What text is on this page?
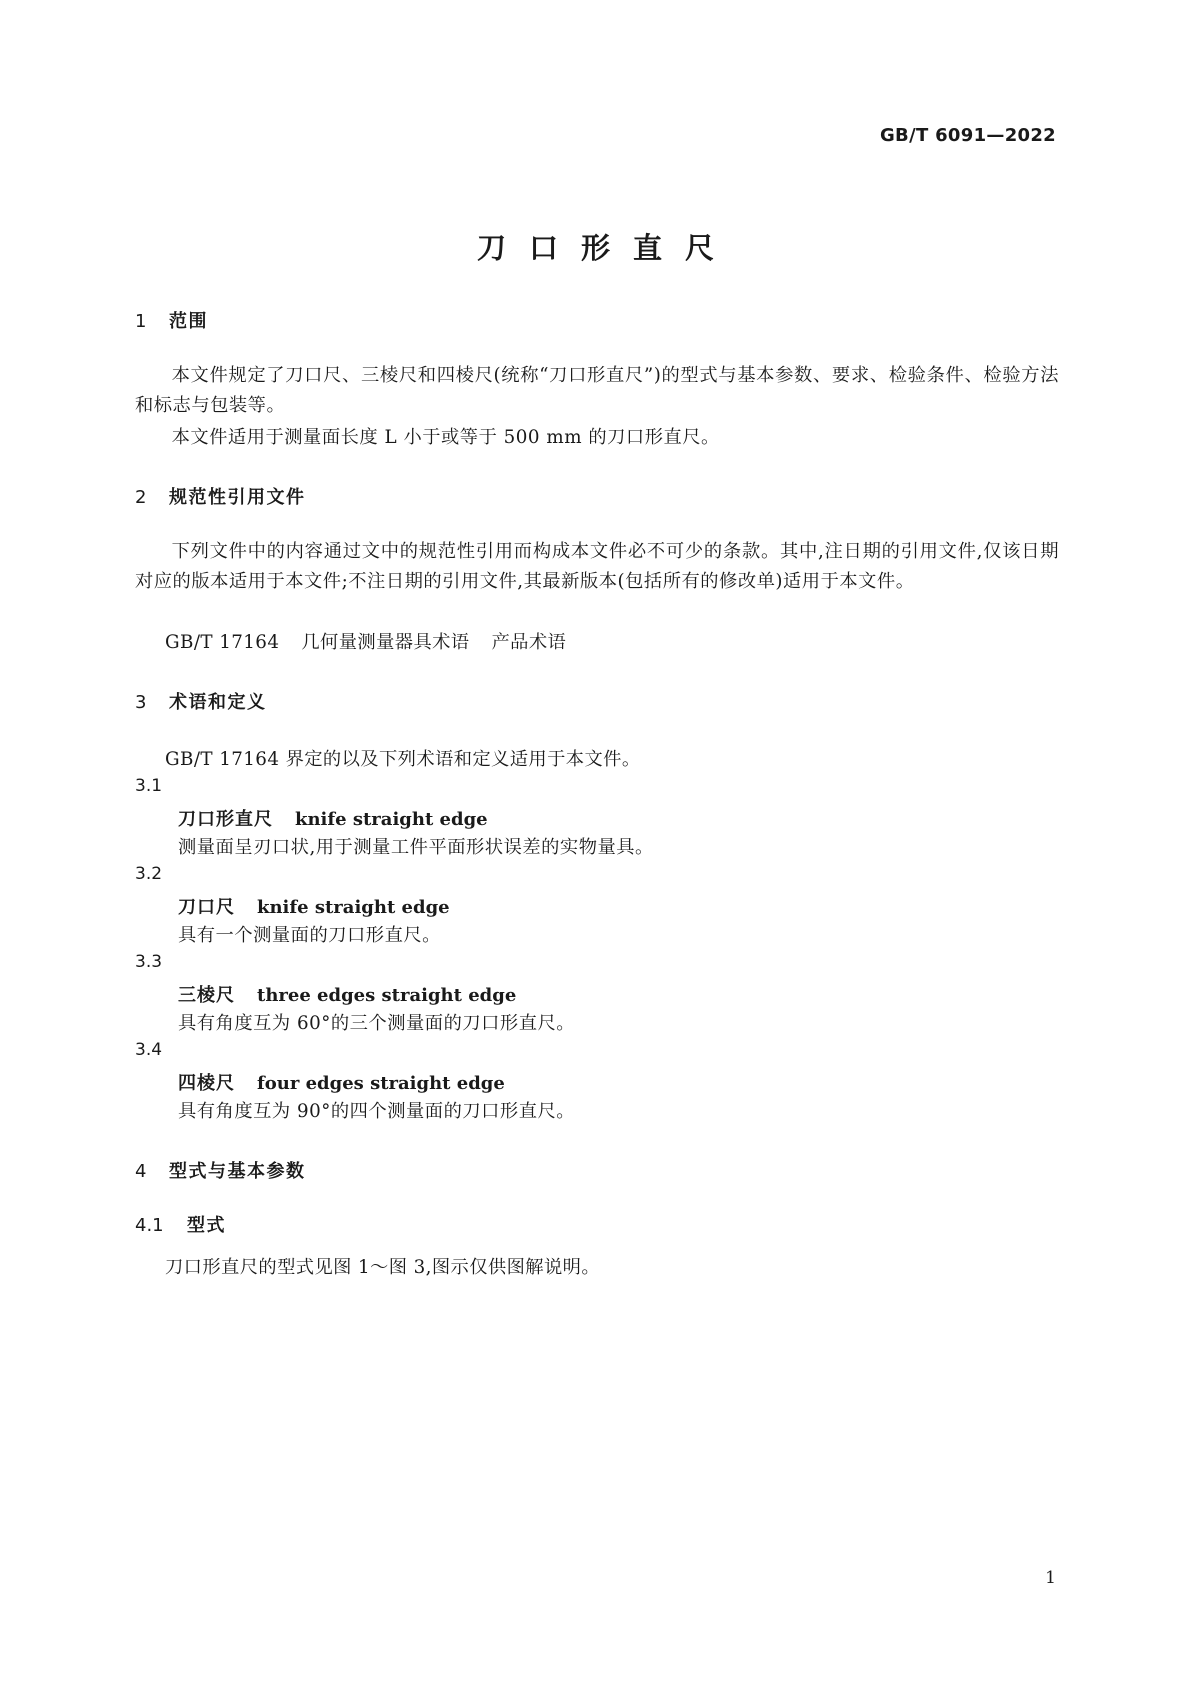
GB/T 6091—2022
刀口形直尺
1 范围
本文件规定了刀口尺、三棱尺和四棱尺(统称“刀口形直尺”)的型式与基本参数、要求、检验条件、检验方法和标志与包装等。
本文件适用于测量面长度 L 小于或等于 500 mm 的刀口形直尺。
2 规范性引用文件
下列文件中的内容通过文中的规范性引用而构成本文件必不可少的条款。其中,注日期的引用文件,仅该日期对应的版本适用于本文件;不注日期的引用文件,其最新版本(包括所有的修改单)适用于本文件。
GB/T 17164 几何量测量器具术语 产品术语
3 术语和定义
GB/T 17164 界定的以及下列术语和定义适用于本文件。
3.1
刀口形直尺 knife straight edge
测量面呈刃口状,用于测量工件平面形状误差的实物量具。
3.2
刀口尺 knife straight edge
具有一个测量面的刀口形直尺。
3.3
三棱尺 three edges straight edge
具有角度互为 60°的三个测量面的刀口形直尺。
3.4
四棱尺 four edges straight edge
具有角度互为 90°的四个测量面的刀口形直尺。
4 型式与基本参数
4.1 型式
刀口形直尺的型式见图 1～图 3,图示仅供图解说明。
1
